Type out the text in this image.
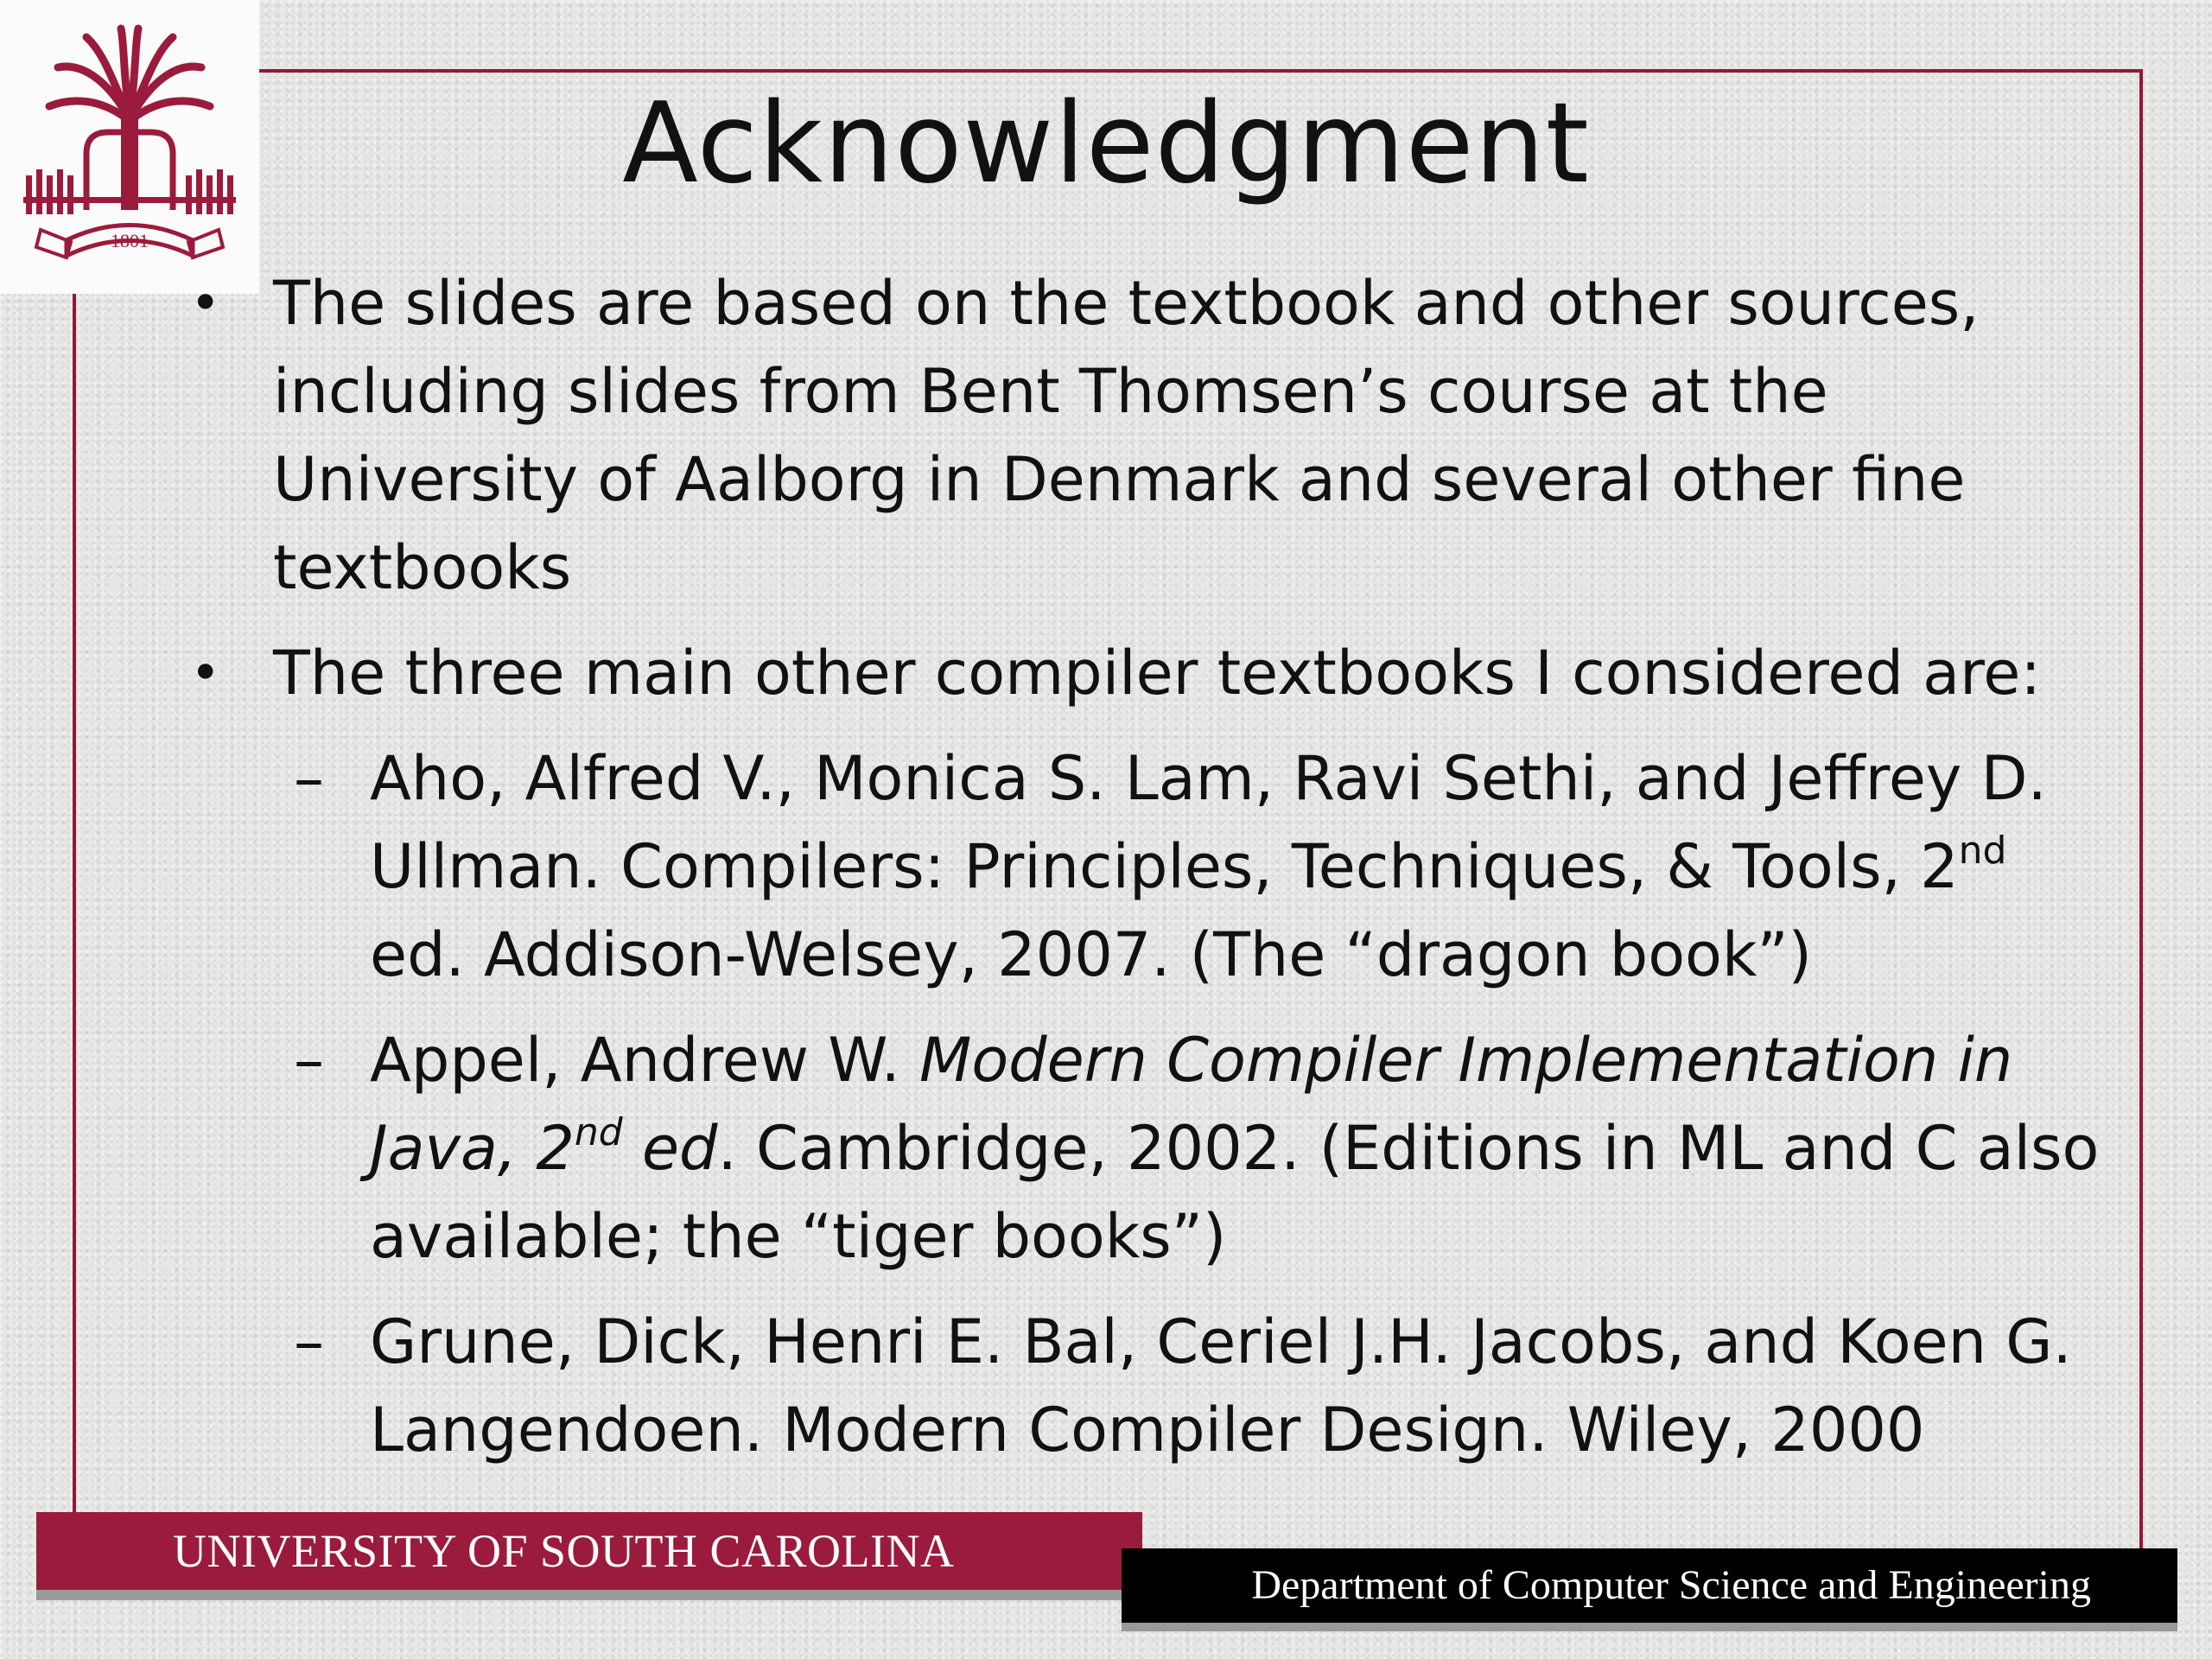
1801
Acknowledgment
• The slides are based on the textbook and other sources, including slides from Bent Thomsen’s course at the University of Aalborg in Denmark and several other fine textbooks

• The three main other compiler textbooks I considered are:

– Aho, Alfred V., Monica S. Lam, Ravi Sethi, and Jeffrey D. Ullman. Compilers: Principles, Techniques, & Tools, 2nd ed. Addison-Welsey, 2007. (The “dragon book”)

– Appel, Andrew W. Modern Compiler Implementation in Java, 2nd ed. Cambridge, 2002. (Editions in ML and C also available; the “tiger books”)

– Grune, Dick, Henri E. Bal, Ceriel J.H. Jacobs, and Koen G. Langendoen. Modern Compiler Design. Wiley, 2000

UNIVERSITY OF SOUTH CAROLINA
Department of Computer Science and Engineering
